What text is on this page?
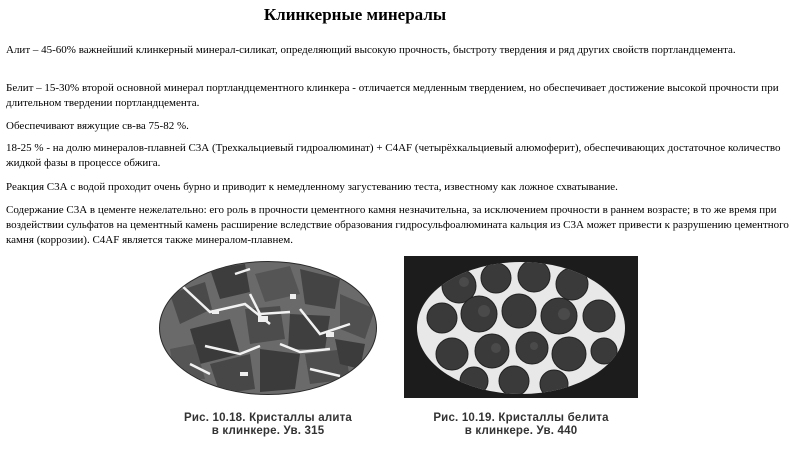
Клинкерные минералы

Алит – 45-60% важнейший клинкерный минерал-силикат, определяющий высокую прочность, быстроту твердения и ряд других свойств портландцемента.

Белит – 15-30% второй основной минерал портландцементного клинкера - отличается медленным твердением, но обеспечивает достижение высокой прочности при длительном твердении портландцемента.

Обеспечивают вяжущие св-ва 75-82 %.

18-25 % - на долю минералов-плавней С3А (Трехкальциевый гидроалюминат) + С4AF (четырёхкальциевый алюмоферит), обеспечивающих достаточное количество жидкой фазы в процессе обжига.

Реакция С3А с водой проходит очень бурно и приводит к немедленному загустеванию теста, известному как ложное схватывание.

Содержание С3А в цементе нежелательно: его роль в прочности цементного камня незначительна, за исключением прочности в раннем возрасте; в то же время при воздействии сульфатов на цементный камень расширение вследствие образования гидросульфоалюмината кальция из С3А может привести к разрушению цементного камня (коррозии). С4AF является также минералом-плавнем.

Рис. 10.18. Кристаллы алита
в клинкере. Ув. 315
Рис. 10.19. Кристаллы белита
в клинкере. Ув. 440
